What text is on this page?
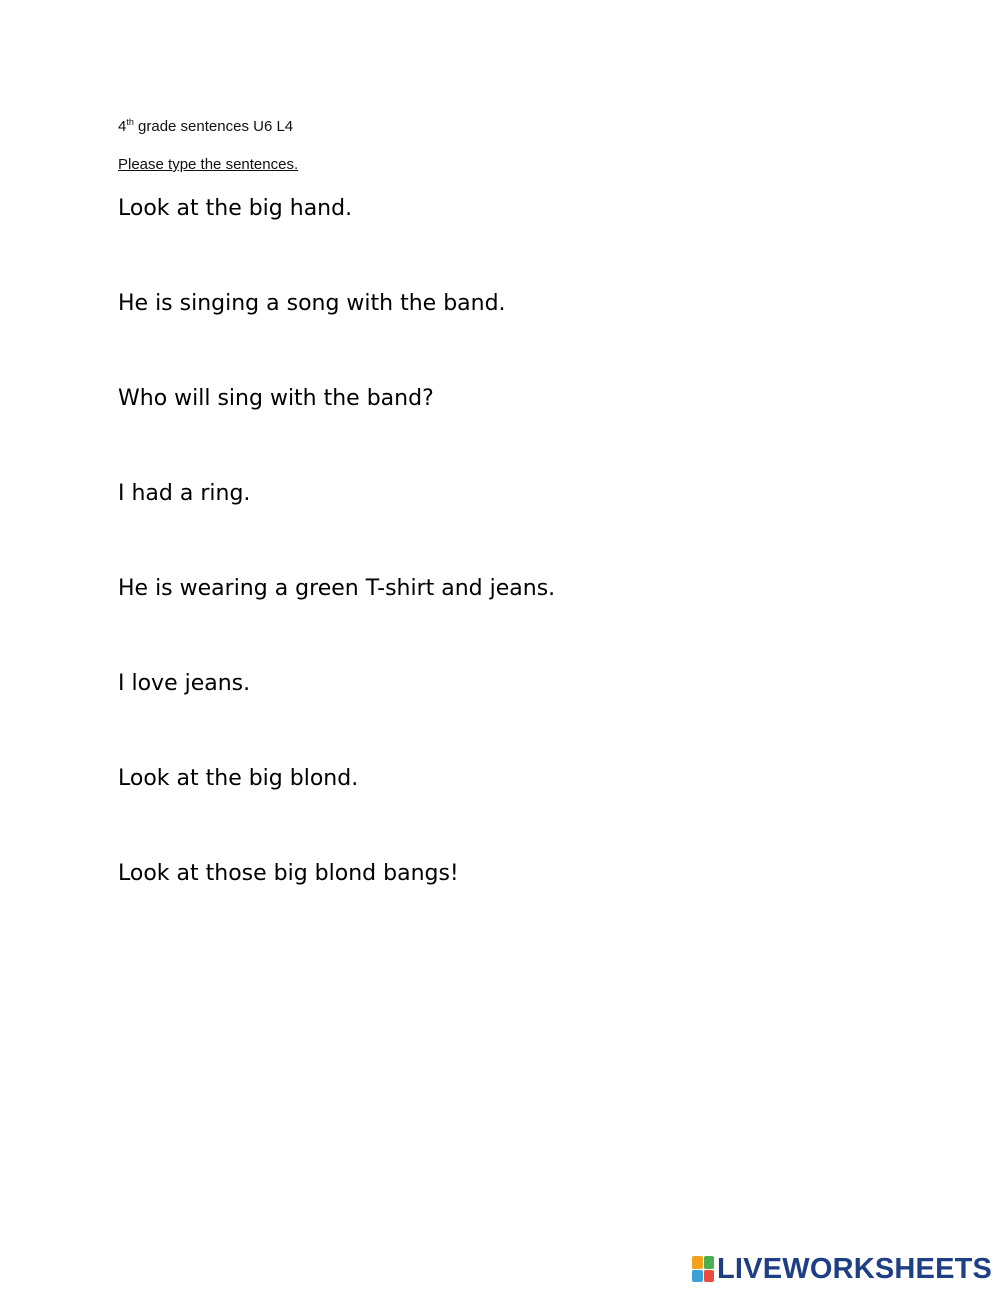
4th grade sentences U6 L4
Please type the sentences.
Look at the big hand.
He is singing a song with the band.
Who will sing with the band?
I had a ring.
He is wearing a green T-shirt and jeans.
I love jeans.
Look at the big blond.
Look at those big blond bangs!
LIVEWORKSHEETS
